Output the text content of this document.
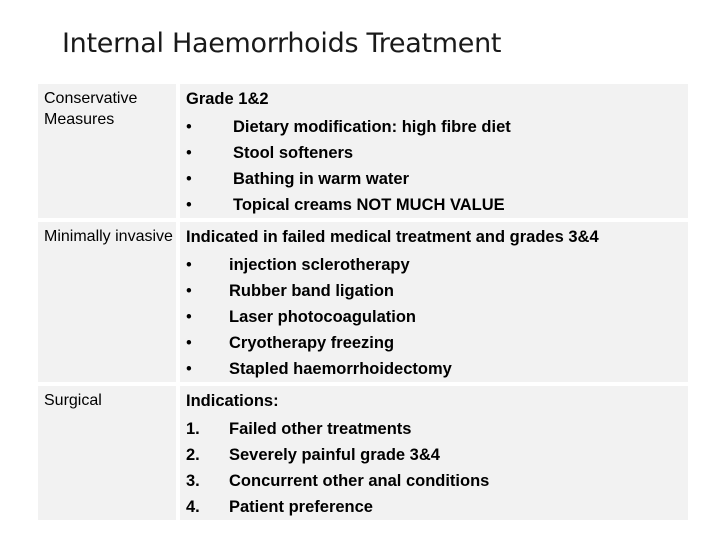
Internal Haemorrhoids Treatment
Conservative Measures
Grade 1&2
• Dietary modification: high fibre diet
• Stool softeners
• Bathing in warm water
• Topical creams NOT MUCH VALUE
Minimally invasive Indicated in failed medical treatment and grades 3&4
• injection sclerotherapy
• Rubber band ligation
• Laser photocoagulation
• Cryotherapy freezing
• Stapled haemorrhoidectomy
Surgical	Indications:
1. Failed other treatments
2. Severely painful grade 3&4
3. Concurrent other anal conditions
4. Patient preference
